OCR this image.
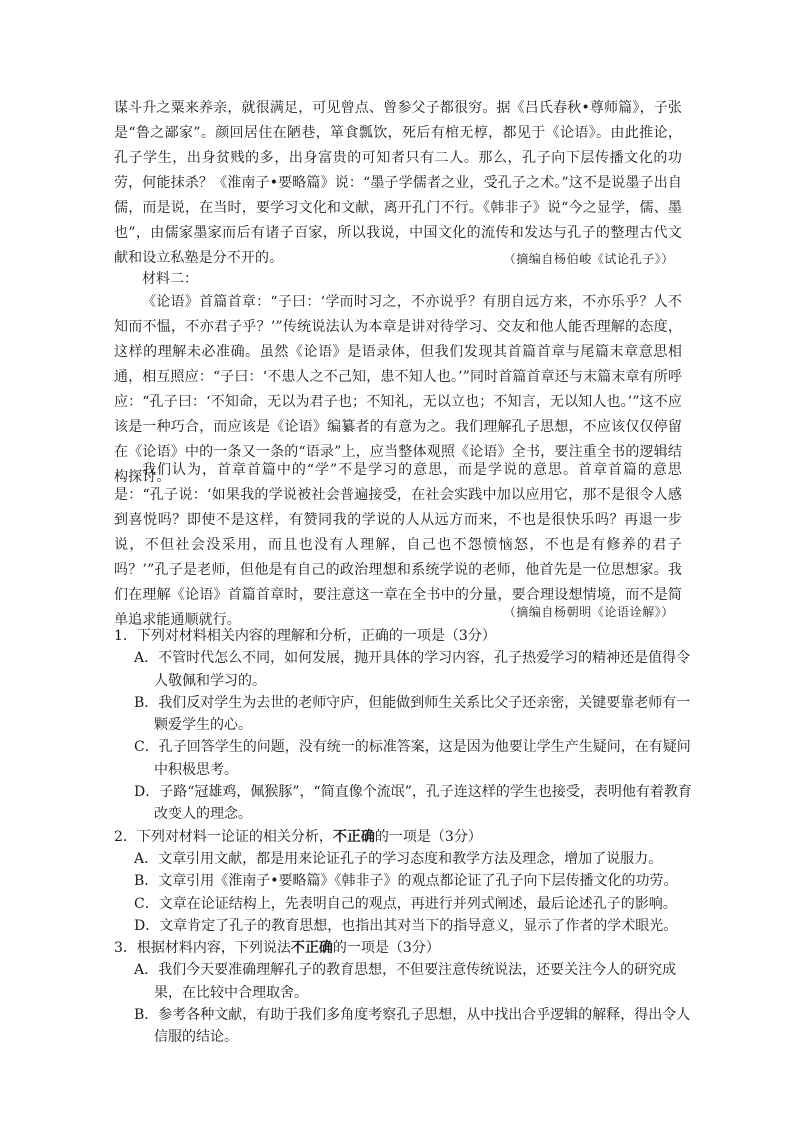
谋斗升之粟来养亲，就很满足，可见曾点、曾参父子都很穷。据《吕氏春秋•尊师篇》，子张是“鲁之鄙家”。颜回居住在陋巷，箪食瓢饮，死后有棺无椁，都见于《论语》。由此推论，孔子学生，出身贫贱的多，出身富贵的可知者只有二人。那么，孔子向下层传播文化的功劳，何能抹杀？《淮南子•要略篇》说：“墨子学儒者之业，受孔子之术。”这不是说墨子出自儒，而是说，在当时，要学习文化和文献，离开孔门不行。《韩非子》说“今之显学，儒、墨也”，由儒家墨家而后有诸子百家，所以我说，中国文化的流传和发达与孔子的整理古代文献和设立私塾是分不开的。	（摘编自杨伯峻《试论孔子》）
材料二：
《论语》首篇首章：“子曰：‘学而时习之，不亦说乎？有朋自远方来，不亦乐乎？人不知而不愠，不亦君子乎？’”传统说法认为本章是讲对待学习、交友和他人能否理解的态度，这样的理解未必准确。虽然《论语》是语录体，但我们发现其首篇首章与尾篇末章意思相通，相互照应：“子曰：‘不患人之不己知，患不知人也。’”同时首篇首章还与末篇末章有所呼应：“孔子曰：‘不知命，无以为君子也；不知礼，无以立也；不知言，无以知人也。’”这不应该是一种巧合，而应该是《论语》编纂者的有意为之。我们理解孔子思想，不应该仅仅停留在《论语》中的一条又一条的“语录”上，应当整体观照《论语》全书，要注重全书的逻辑结构探讨。
我们认为，首章首篇中的“学”不是学习的意思，而是学说的意思。首章首篇的意思是：“孔子说：‘如果我的学说被社会普遍接受，在社会实践中加以应用它，那不是很令人感到喜悦吗？即使不是这样，有赞同我的学说的人从远方而来，不也是很快乐吗？再退一步说，不但社会没采用，而且也没有人理解，自己也不怨愤恼怒，不也是有修养的君子吗？’”孔子是老师，但他是有自己的政治理想和系统学说的老师，他首先是一位思想家。我们在理解《论语》首篇首章时，要注意这一章在全书中的分量，要合理设想情境，而不是简单追求能通顺就行。	（摘编自杨朝明《论语诠解》）

1．下列对材料相关内容的理解和分析，正确的一项是（3分）

A．不管时代怎么不同，如何发展，抛开具体的学习内容，孔子热爱学习的精神还是值得令人敬佩和学习的。

B．我们反对学生为去世的老师守庐，但能做到师生关系比父子还亲密，关键要靠老师有一颗爱学生的心。

C．孔子回答学生的问题，没有统一的标准答案，这是因为他要让学生产生疑问，在有疑问中积极思考。

D．子路“冠雄鸡，佩猴豚”，“简直像个流氓”，孔子连这样的学生也接受，表明他有着教育改变人的理念。

2．下列对材料一论证的相关分析，不正确的一项是（3分）

A．文章引用文献，都是用来论证孔子的学习态度和教学方法及理念，增加了说服力。

B．文章引用《淮南子•要略篇》《韩非子》的观点都论证了孔子向下层传播文化的功劳。

C．文章在论证结构上，先表明自己的观点，再进行并列式阐述，最后论述孔子的影响。

D．文章肯定了孔子的教育思想，也指出其对当下的指导意义，显示了作者的学术眼光。

3．根据材料内容，下列说法不正确的一项是（3分）

A．我们今天要准确理解孔子的教育思想，不但要注意传统说法，还要关注今人的研究成果，在比较中合理取舍。

B．参考各种文献，有助于我们多角度考察孔子思想，从中找出合乎逻辑的解释，得出令人信服的结论。
